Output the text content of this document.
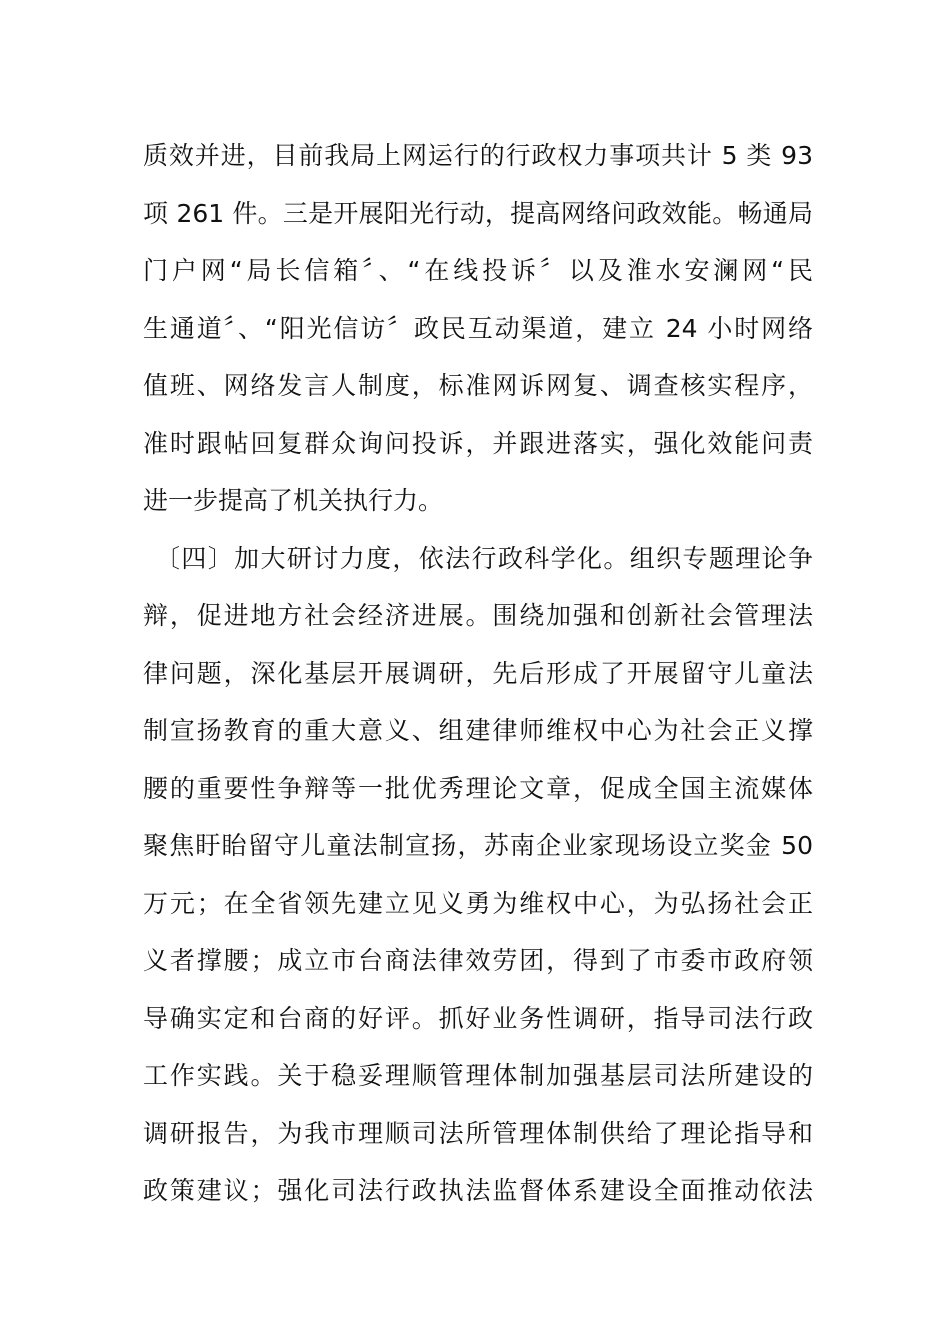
质效并进，目前我局上网运行的行政权力事项共计 5 类 93
项 261 件。三是开展阳光行动，提高网络问政效能。畅通局
门户网“局长信箱〞、“在线投诉〞以及淮水安澜网“民
生通道〞、“阳光信访〞政民互动渠道，建立 24 小时网络
值班、网络发言人制度，标准网诉网复、调查核实程序，
准时跟帖回复群众询问投诉，并跟进落实，强化效能问责
进一步提高了机关执行力。
〔四〕加大研讨力度，依法行政科学化。组织专题理论争
辩，促进地方社会经济进展。围绕加强和创新社会管理法
律问题，深化基层开展调研，先后形成了开展留守儿童法
制宣扬教育的重大意义、组建律师维权中心为社会正义撑
腰的重要性争辩等一批优秀理论文章，促成全国主流媒体
聚焦盱眙留守儿童法制宣扬，苏南企业家现场设立奖金 50
万元；在全省领先建立见义勇为维权中心，为弘扬社会正
义者撑腰；成立市台商法律效劳团，得到了市委市政府领
导确实定和台商的好评。抓好业务性调研，指导司法行政
工作实践。关于稳妥理顺管理体制加强基层司法所建设的
调研报告，为我市理顺司法所管理体制供给了理论指导和
政策建议；强化司法行政执法监督体系建设全面推动依法
